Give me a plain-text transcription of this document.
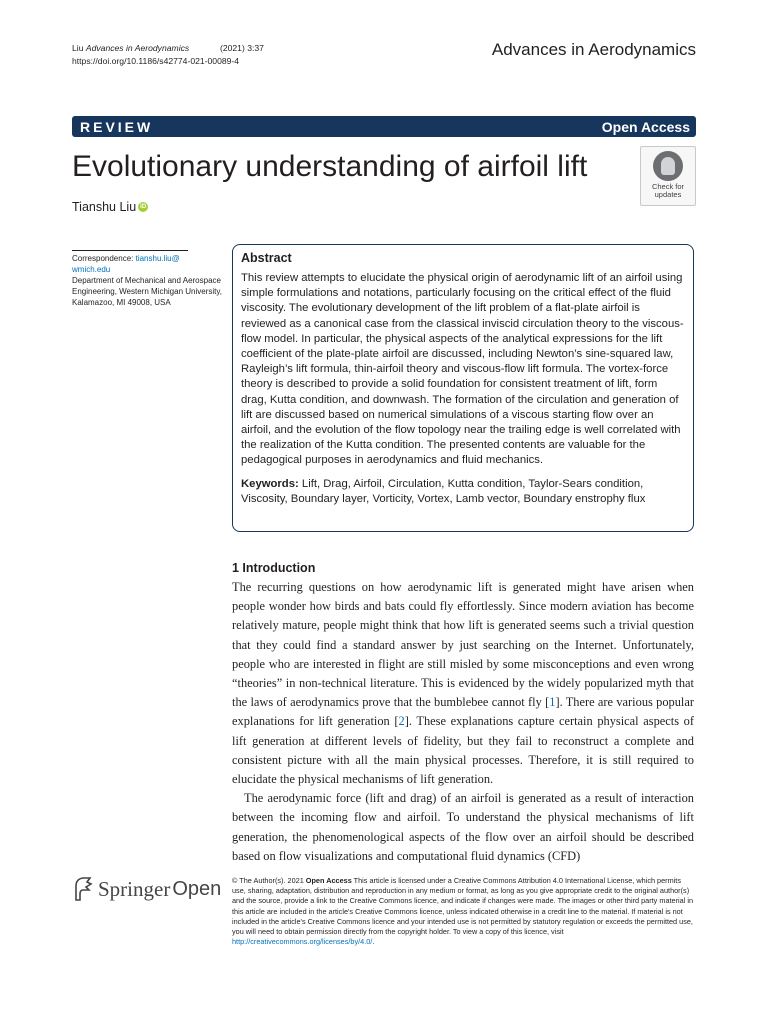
Liu Advances in Aerodynamics	(2021) 3:37
https://doi.org/10.1186/s42774-021-00089-4
Advances in Aerodynamics
REVIEW	Open Access
Evolutionary understanding of airfoil lift
Tianshu Liu iD
Check for
updates
Correspondence: tianshu.liu@
wmich.edu
Department of Mechanical and Aerospace Engineering, Western Michigan University, Kalamazoo, MI 49008, USA
Abstract
This review attempts to elucidate the physical origin of aerodynamic lift of an airfoil using simple formulations and notations, particularly focusing on the critical effect of the fluid viscosity. The evolutionary development of the lift problem of a flat-plate airfoil is reviewed as a canonical case from the classical inviscid circulation theory to the viscous-flow model. In particular, the physical aspects of the analytical expressions for the lift coefficient of the plate-plate airfoil are discussed, including Newton’s sine-squared law, Rayleigh’s lift formula, thin-airfoil theory and viscous-flow lift formula. The vortex-force theory is described to provide a solid foundation for consistent treatment of lift, form drag, Kutta condition, and downwash. The formation of the circulation and generation of lift are discussed based on numerical simulations of a viscous starting flow over an airfoil, and the evolution of the flow topology near the trailing edge is well correlated with the realization of the Kutta condition. The presented contents are valuable for the pedagogical purposes in aerodynamics and fluid mechanics.
Keywords: Lift, Drag, Airfoil, Circulation, Kutta condition, Taylor-Sears condition, Viscosity, Boundary layer, Vorticity, Vortex, Lamb vector, Boundary enstrophy flux
1 Introduction

The recurring questions on how aerodynamic lift is generated might have arisen when people wonder how birds and bats could fly effortlessly. Since modern aviation has become relatively mature, people might think that how lift is generated seems such a trivial question that they could find a standard answer by just searching on the Internet. Unfortunately, people who are interested in flight are still misled by some misconceptions and even wrong “theories” in non-technical literature. This is evidenced by the widely popularized myth that the laws of aerodynamics prove that the bumblebee cannot fly [1]. There are various popular explanations for lift generation [2]. These explanations capture certain physical aspects of lift generation at different levels of fidelity, but they fail to reconstruct a complete and consistent picture with all the main physical processes. Therefore, it is still required to elucidate the physical mechanisms of lift generation.

The aerodynamic force (lift and drag) of an airfoil is generated as a result of interaction between the incoming flow and airfoil. To understand the physical mechanisms of lift generation, the phenomenological aspects of the flow over an airfoil should be described based on flow visualizations and computational fluid dynamics (CFD)

Springer Open © The Author(s). 2021 Open Access This article is licensed under a Creative Commons Attribution 4.0 International License, which permits use, sharing, adaptation, distribution and reproduction in any medium or format, as long as you give appropriate credit to the original author(s) and the source, provide a link to the Creative Commons licence, and indicate if changes were made. The images or other third party material in this article are included in the article's Creative Commons licence, unless indicated otherwise in a credit line to the material. If material is not included in the article's Creative Commons licence and your intended use is not permitted by statutory regulation or exceeds the permitted use, you will need to obtain permission directly from the copyright holder. To view a copy of this licence, visit http://creativecommons.org/licenses/by/4.0/.
